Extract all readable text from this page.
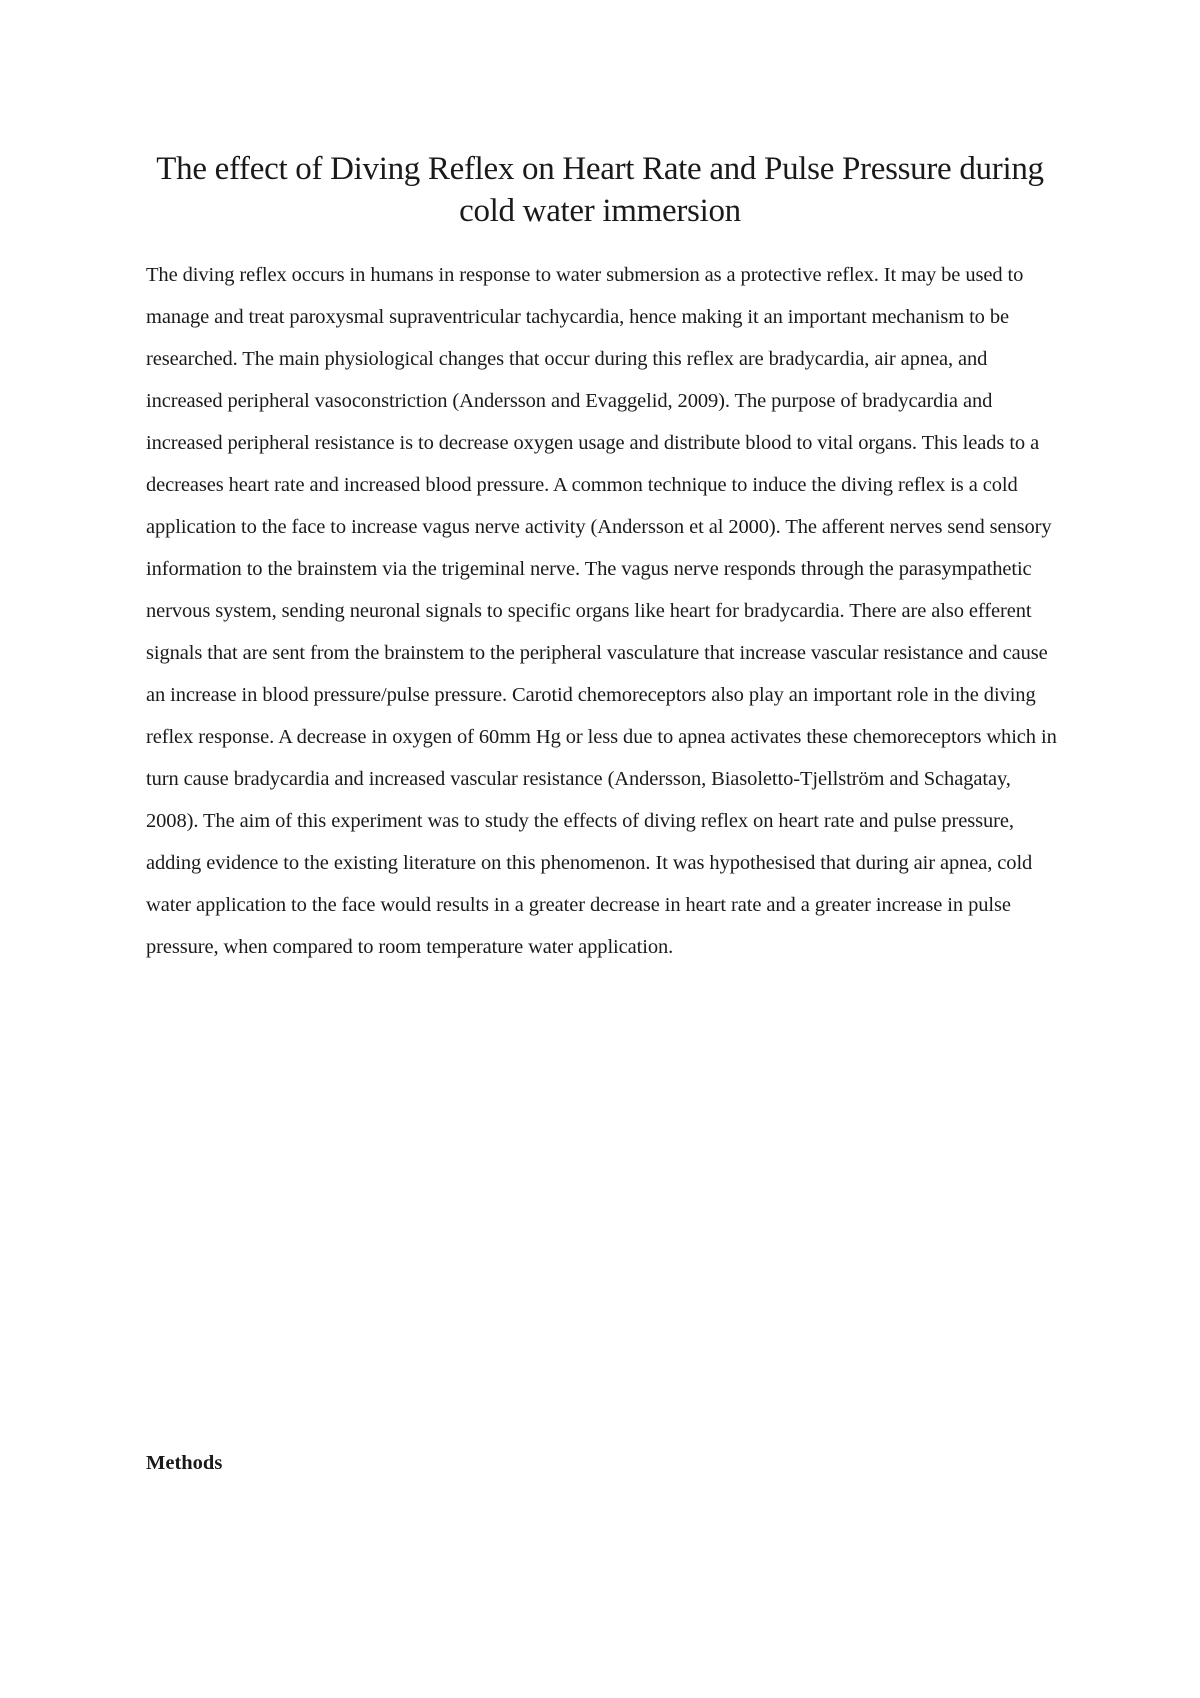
The effect of Diving Reflex on Heart Rate and Pulse Pressure during cold water immersion

The diving reflex occurs in humans in response to water submersion as a protective reflex. It may be used to manage and treat paroxysmal supraventricular tachycardia, hence making it an important mechanism to be researched. The main physiological changes that occur during this reflex are bradycardia, air apnea, and increased peripheral vasoconstriction (Andersson and Evaggelid, 2009). The purpose of bradycardia and increased peripheral resistance is to decrease oxygen usage and distribute blood to vital organs. This leads to a decreases heart rate and increased blood pressure. A common technique to induce the diving reflex is a cold application to the face to increase vagus nerve activity (Andersson et al 2000). The afferent nerves send sensory information to the brainstem via the trigeminal nerve. The vagus nerve responds through the parasympathetic nervous system, sending neuronal signals to specific organs like heart for bradycardia. There are also efferent signals that are sent from the brainstem to the peripheral vasculature that increase vascular resistance and cause an increase in blood pressure/pulse pressure. Carotid chemoreceptors also play an important role in the diving reflex response. A decrease in oxygen of 60mm Hg or less due to apnea activates these chemoreceptors which in turn cause bradycardia and increased vascular resistance (Andersson, Biasoletto-Tjellström and Schagatay, 2008). The aim of this experiment was to study the effects of diving reflex on heart rate and pulse pressure, adding evidence to the existing literature on this phenomenon. It was hypothesised that during air apnea, cold water application to the face would results in a greater decrease in heart rate and a greater increase in pulse pressure, when compared to room temperature water application.

Methods
